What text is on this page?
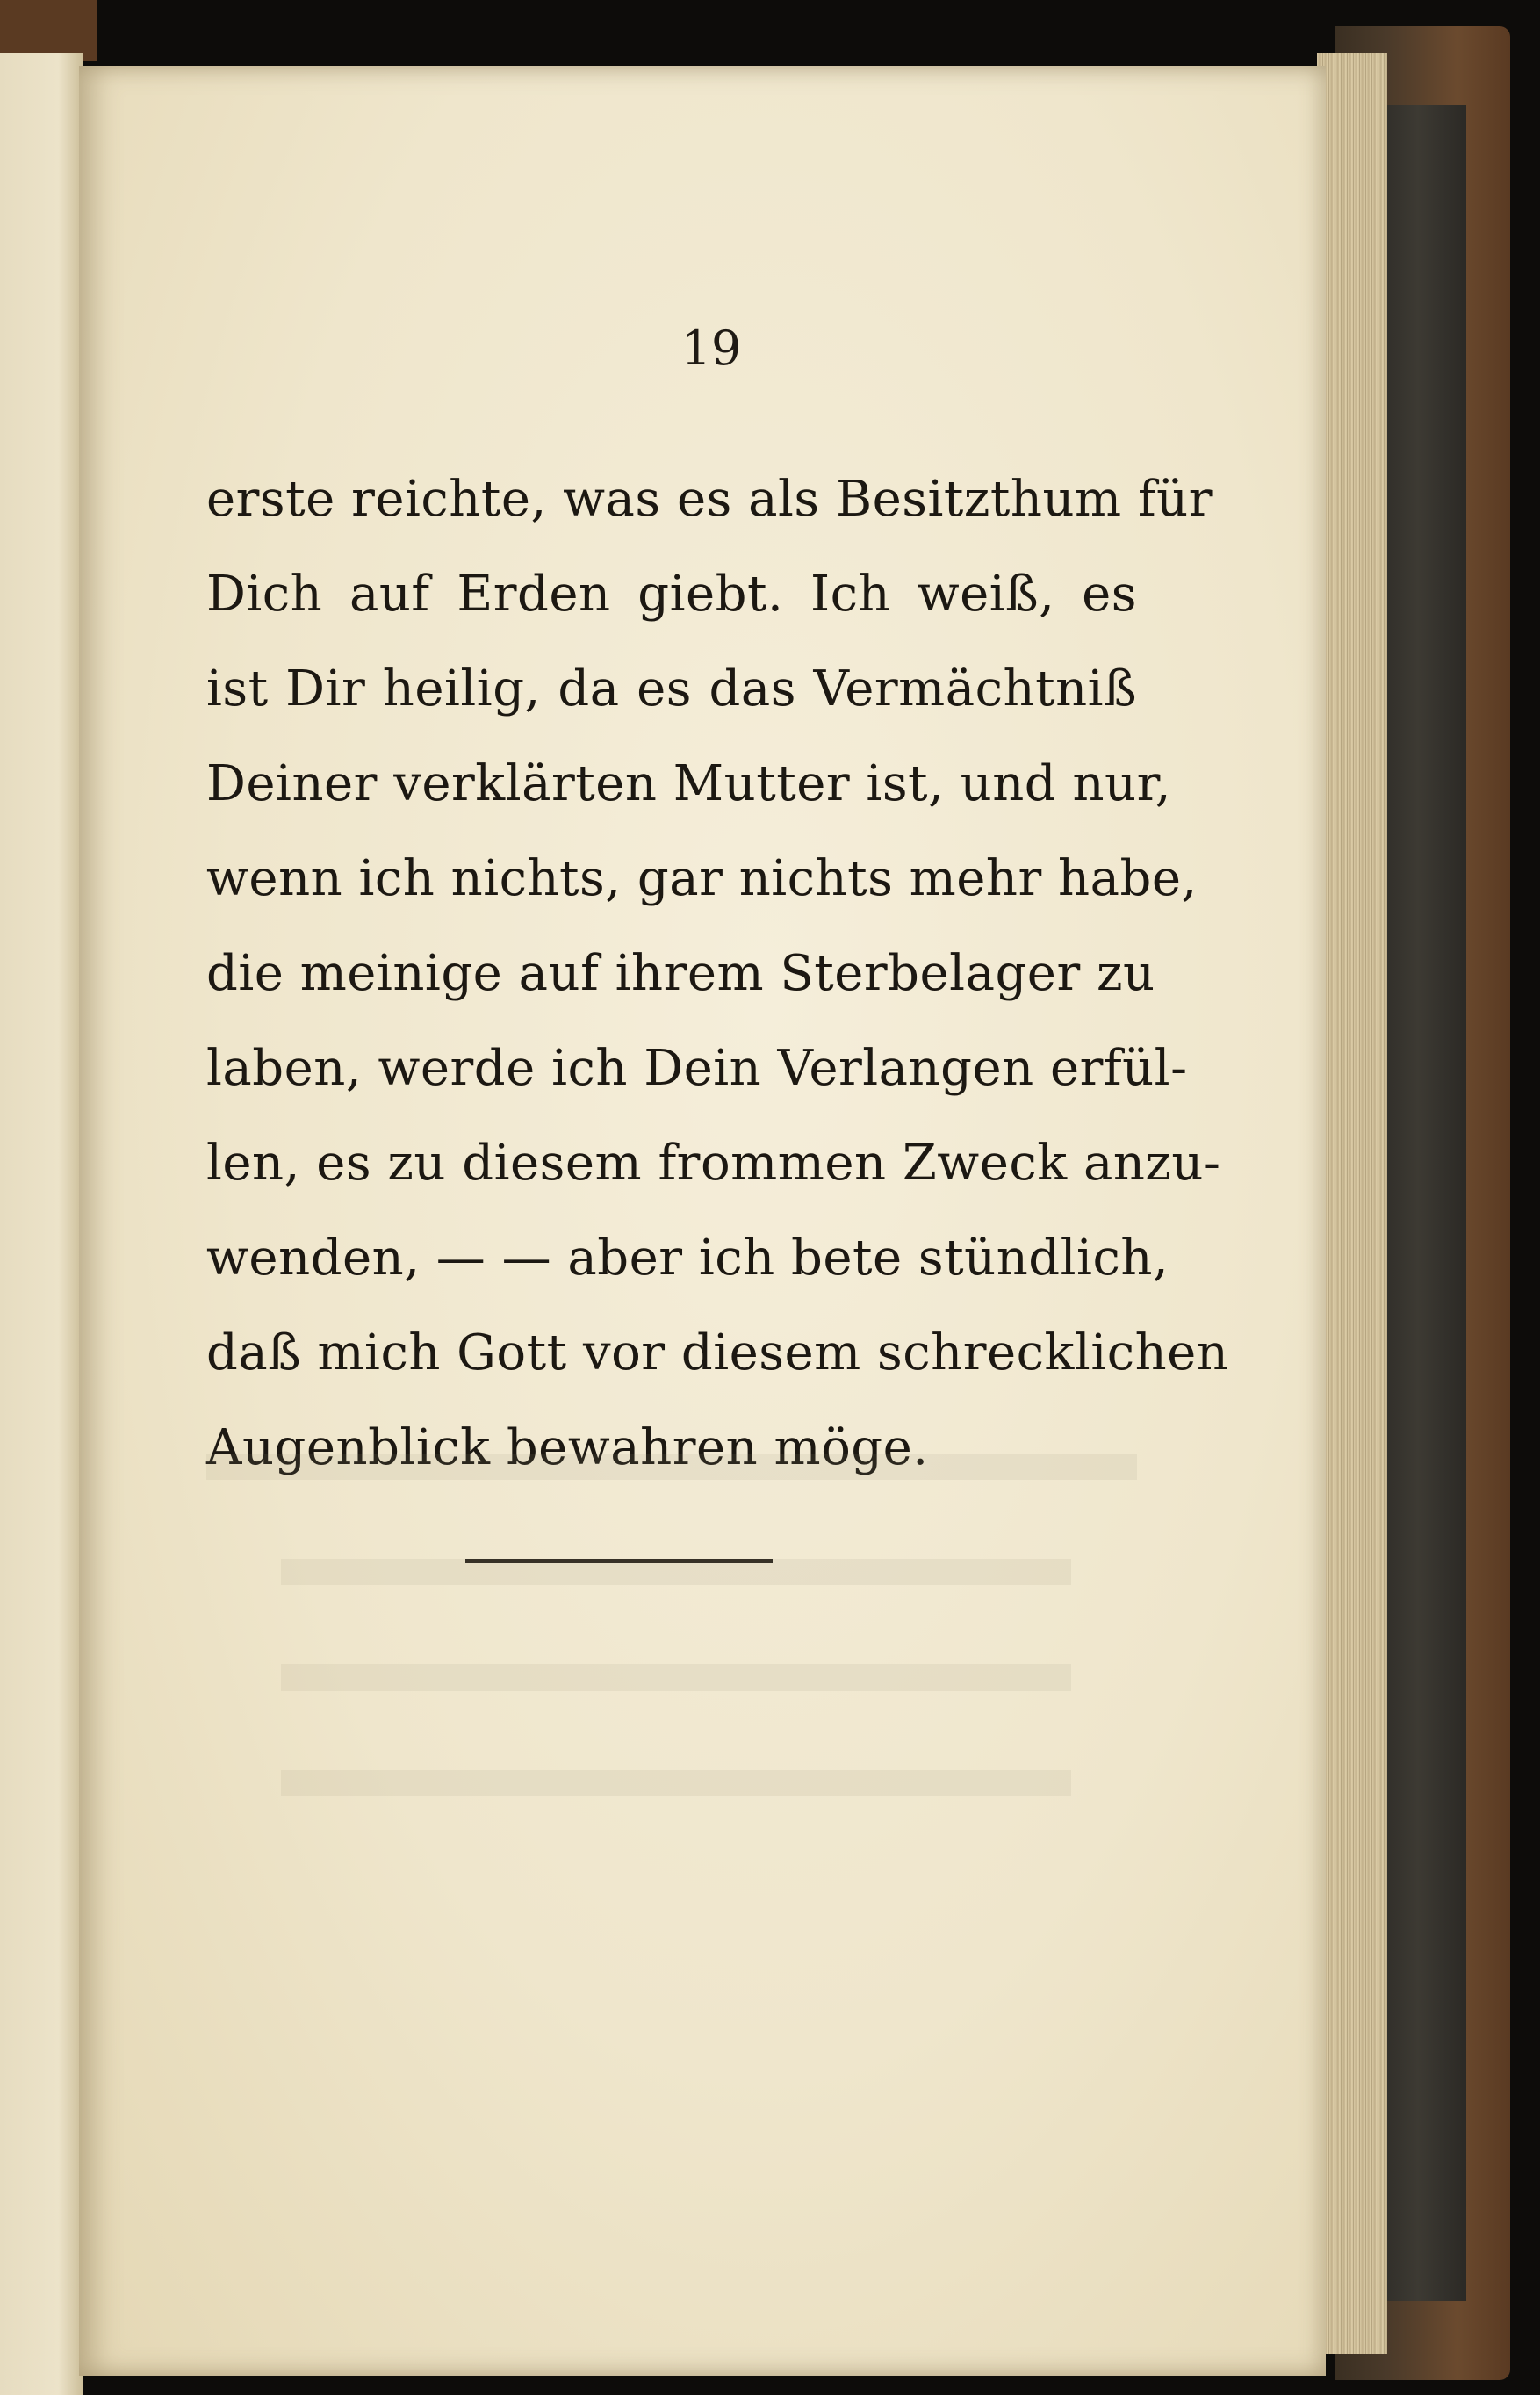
19
erste reichte, was es als Besitzthum für
Dich auf Erden giebt. Ich weiß, es
ist Dir heilig, da es das Vermächtniß
Deiner verklärten Mutter ist, und nur,
wenn ich nichts, gar nichts mehr habe,
die meinige auf ihrem Sterbelager zu
laben, werde ich Dein Verlangen erfül-
len, es zu diesem frommen Zweck anzu-
wenden, — — aber ich bete stündlich,
daß mich Gott vor diesem schrecklichen
Augenblick bewahren möge.
